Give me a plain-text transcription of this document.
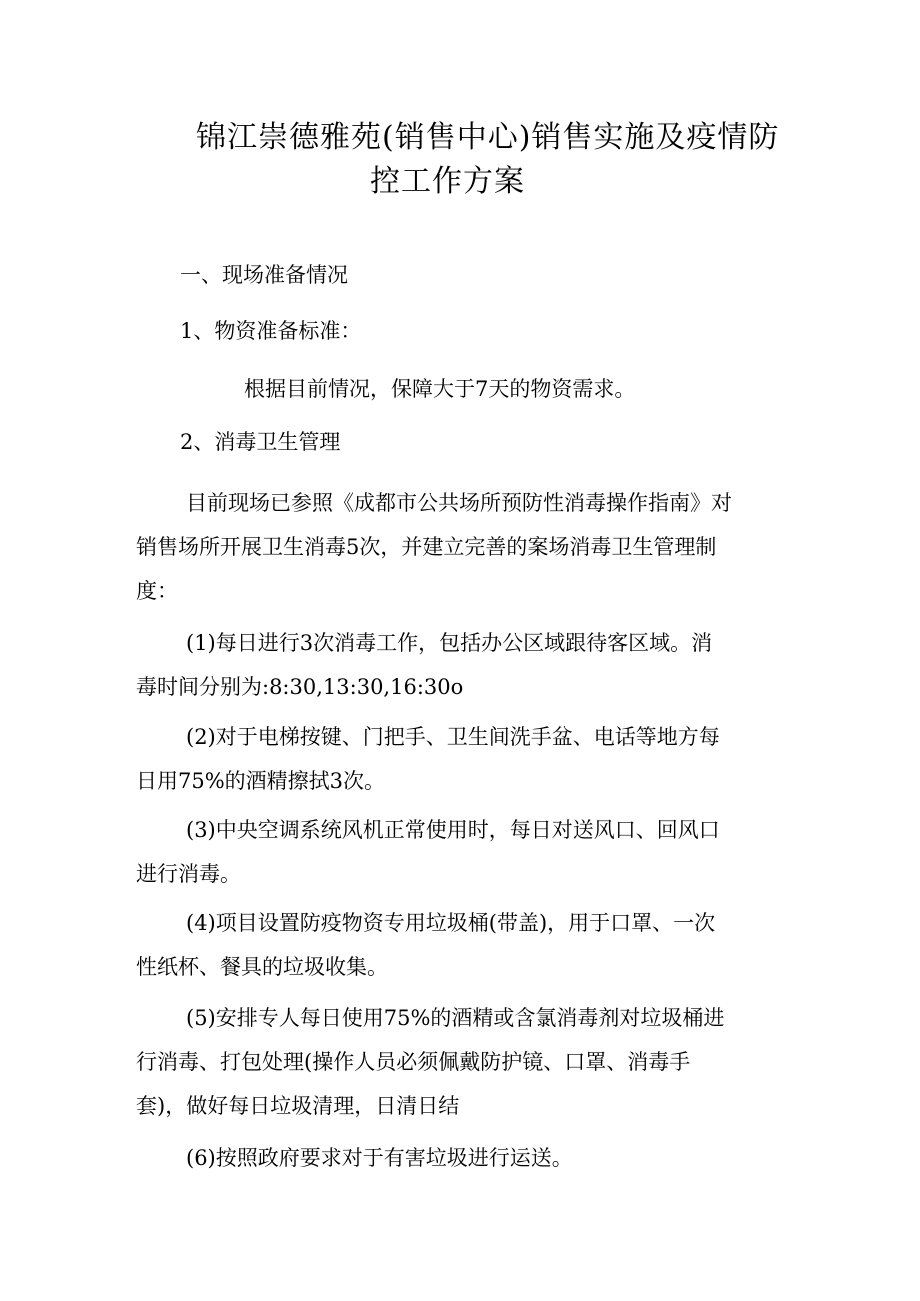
锦江崇德雅苑(销售中心)销售实施及疫情防
控工作方案
一、现场准备情况
1、物资准备标准：
根据目前情况，保障大于7天的物资需求。
2、消毒卫生管理
目前现场已参照《成都市公共场所预防性消毒操作指南》对
销售场所开展卫生消毒5次，并建立完善的案场消毒卫生管理制
度：
(1)每日进行3次消毒工作，包括办公区域跟待客区域。消
毒时间分别为:8:30,13:30,16:30o
(2)对于电梯按键、门把手、卫生间洗手盆、电话等地方每
日用75%的酒精擦拭3次。
(3)中央空调系统风机正常使用时，每日对送风口、回风口
进行消毒。
(4)项目设置防疫物资专用垃圾桶(带盖)，用于口罩、一次
性纸杯、餐具的垃圾收集。
(5)安排专人每日使用75%的酒精或含氯消毒剂对垃圾桶进
行消毒、打包处理(操作人员必须佩戴防护镜、口罩、消毒手
套)，做好每日垃圾清理，日清日结
(6)按照政府要求对于有害垃圾进行运送。
